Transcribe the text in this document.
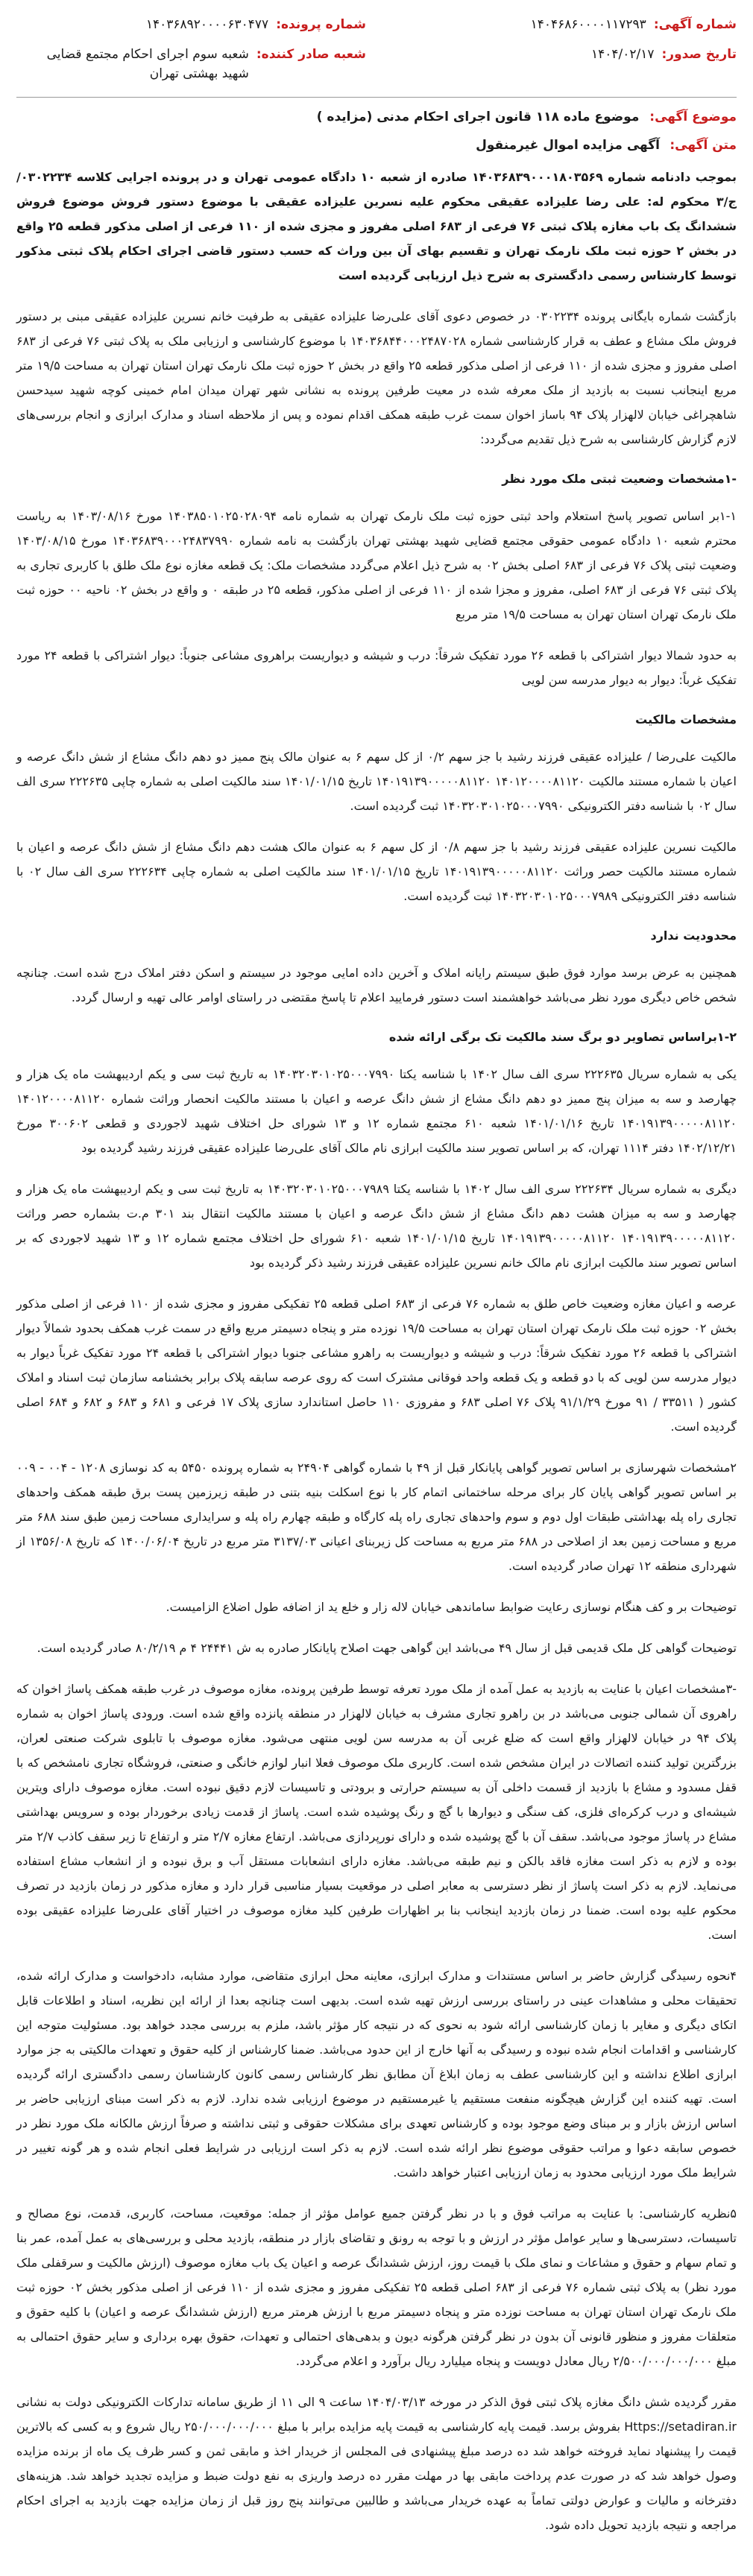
شماره آگهی:
۱۴۰۴۶۸۶۰۰۰۰۱۱۷۲۹۳
شماره پرونده:
۱۴۰۳۶۸۹۲۰۰۰۰۶۳۰۴۷۷
تاریخ صدور:
۱۴۰۴/۰۲/۱۷
شعبه صادر کننده:
شعبه سوم اجرای احکام مجتمع قضایی شهید بهشتی تهران
موضوع آگهی: موضوع ماده ۱۱۸ قانون اجرای احکام مدنی (مزایده )
متن آگهی: آگهی مزایده اموال غیرمنقول

بموجب دادنامه شماره ۱۴۰۳۶۸۳۹۰۰۰۱۸۰۳۵۶۹ صادره از شعبه ۱۰ دادگاه عمومی تهران و در پرونده اجرایی کلاسه ۰۳۰۲۲۳۴/ج/۳ محکوم له: علی رضا علیزاده عقیقی محکوم علیه نسرین علیزاده عقیقی با موضوع دستور فروش موضوع فروش ششدانگ یک باب مغازه پلاک ثبتی ۷۶ فرعی از ۶۸۳ اصلی مفروز و مجزی شده از ۱۱۰ فرعی از اصلی مذکور قطعه ۲۵ واقع در بخش ۲ حوزه ثبت ملک نارمک تهران و تقسیم بهای آن بین وراث که حسب دستور قاضی اجرای احکام پلاک ثبتی مذکور توسط کارشناس رسمی دادگستری به شرح ذیل ارزیابی گردیده است

بازگشت شماره بایگانی پرونده ۰۳۰۲۲۳۴ در خصوص دعوی آقای علی‌رضا علیزاده عقیقی به طرفیت خانم نسرین علیزاده عقیقی مبنی بر دستور فروش ملک مشاع و عطف به قرار کارشناسی شماره ۱۴۰۳۶۸۴۴۰۰۰۲۴۸۷۰۲۸ با موضوع کارشناسی و ارزیابی ملک به پلاک ثبتی ۷۶ فرعی از ۶۸۳ اصلی مفروز و مجزی شده از ۱۱۰ فرعی از اصلی مذکور قطعه ۲۵ واقع در بخش ۲ حوزه ثبت ملک نارمک تهران استان تهران به مساحت ۱۹/۵ متر مربع اینجانب نسبت به بازدید از ملک معرفه شده در معیت طرفین پرونده به نشانی شهر تهران میدان امام خمینی کوچه شهید سیدحسن شاهچراغی خیابان لالهزار پلاک ۹۴ باساز اخوان سمت غرب طبقه همکف اقدام نموده و پس از ملاحظه اسناد و مدارک ابرازی و انجام بررسی‌های لازم گزارش کارشناسی به شرح ذیل تقدیم می‌گردد:

-۱مشخصات وضعیت ثبتی ملک مورد نظر

۱-۱بر اساس تصویر پاسخ استعلام واحد ثبتی حوزه ثبت ملک نارمک تهران به شماره نامه ۱۴۰۳۸۵۰۱۰۲۵۰۲۸۰۹۴ مورخ ۱۴۰۳/۰۸/۱۶ به ریاست محترم شعبه ۱۰ دادگاه عمومی حقوقی مجتمع قضایی شهید بهشتی تهران بازگشت به نامه شماره ۱۴۰۳۶۸۳۹۰۰۰۲۴۸۳۷۹۹۰ مورخ ۱۴۰۳/۰۸/۱۵ وضعیت ثبتی پلاک ۷۶ فرعی از ۶۸۳ اصلی بخش ۰۲ به شرح ذیل اعلام می‌گردد مشخصات ملک: یک قطعه مغازه نوع ملک طلق با کاربری تجاری به پلاک ثبتی ۷۶ فرعی از ۶۸۳ اصلی، مفروز و مجزا شده از ۱۱۰ فرعی از اصلی مذکور، قطعه ۲۵ در طبقه ۰ و واقع در بخش ۰۲ ناحیه ۰۰ حوزه ثبت ملک نارمک تهران استان تهران به مساحت ۱۹/۵ متر مربع

به حدود شمالا دیوار اشتراکی با قطعه ۲۶ مورد تفکیک شرقاً: درب و شیشه و دیواریست براهروی مشاعی جنوباً: دیوار اشتراکی با قطعه ۲۴ مورد تفکیک غرباً: دیوار به دیوار مدرسه سن لویی

مشخصات مالکیت

مالکیت علی‌رضا / علیزاده عقیقی فرزند رشید با جز سهم ۰/۲ از کل سهم ۶ به عنوان مالک پنج ممیز دو دهم دانگ مشاع از شش دانگ عرصه و اعیان با شماره مستند مالکیت ۱۴۰۱۲۰۰۰۰۸۱۱۲۰ ۱۴۰۱۹۱۳۹۰۰۰۰۰۸۱۱۲۰ تاریخ ۱۴۰۱/۰۱/۱۵ سند مالکیت اصلی به شماره چاپی ۲۲۲۶۳۵ سری الف سال ۰۲ با شناسه دفتر الکترونیکی ۱۴۰۳۲۰۳۰۱۰۲۵۰۰۰۷۹۹۰ ثبت گردیده است.

مالکیت نسرین علیزاده عقیقی فرزند رشید با جز سهم ۰/۸ از کل سهم ۶ به عنوان مالک هشت دهم دانگ مشاع از شش دانگ عرصه و اعیان با شماره مستند مالکیت حصر وراثت ۱۴۰۱۹۱۳۹۰۰۰۰۰۸۱۱۲۰ تاریخ ۱۴۰۱/۰۱/۱۵ سند مالکیت اصلی به شماره چاپی ۲۲۲۶۳۴ سری الف سال ۰۲ با شناسه دفتر الکترونیکی ۱۴۰۳۲۰۳۰۱۰۲۵۰۰۰۷۹۸۹ ثبت گردیده است.

محدودیت ندارد

همچنین به عرض برسد موارد فوق طبق سیستم رایانه املاک و آخرین داده امایی موجود در سیستم و اسکن دفتر املاک درج شده است. چنانچه شخص خاص دیگری مورد نظر می‌باشد خواهشمند است دستور فرمایید اعلام تا پاسخ مقتضی در راستای اوامر عالی تهیه و ارسال گردد.

۱-۲براساس تصاویر دو برگ سند مالکیت تک برگی ارائه شده

یکی به شماره سریال ۲۲۲۶۳۵ سری الف سال ۱۴۰۲ با شناسه یکتا ۱۴۰۳۲۰۳۰۱۰۲۵۰۰۰۷۹۹۰ به تاریخ ثبت سی و یکم اردیبهشت ماه یک هزار و چهارصد و سه به میزان پنج ممیز دو دهم دانگ مشاع از شش دانگ عرصه و اعیان با مستند مالکیت انحصار وراثت شماره ۱۴۰۱۲۰۰۰۰۸۱۱۲۰ ۱۴۰۱۹۱۳۹۰۰۰۰۰۸۱۱۲۰ تاریخ ۱۴۰۱/۰۱/۱۶ شعبه ۶۱۰ مجتمع شماره ۱۲ و ۱۳ شورای حل اختلاف شهید لاجوردی و قطعی ۳۰۰۶۰۲ مورخ ۱۴۰۲/۱۲/۲۱ دفتر ۱۱۱۴ تهران، که بر اساس تصویر سند مالکیت ابرازی نام مالک آقای علی‌رضا علیزاده عقیقی فرزند رشید گردیده بود

دیگری به شماره سریال ۲۲۲۶۳۴ سری الف سال ۱۴۰۲ با شناسه یکتا ۱۴۰۳۲۰۳۰۱۰۲۵۰۰۰۷۹۸۹ به تاریخ ثبت سی و یکم اردیبهشت ماه یک هزار و چهارصد و سه به میزان هشت دهم دانگ مشاع از شش دانگ عرصه و اعیان با مستند مالکیت انتقال بند ۳۰۱ م.ت بشماره حصر وراثت ۱۴۰۱۹۱۳۹۰۰۰۰۰۸۱۱۲۰ ۱۴۰۱۹۱۳۹۰۰۰۰۰۸۱۱۲۰ تاریخ ۱۴۰۱/۰۱/۱۵ شعبه ۶۱۰ شورای حل اختلاف مجتمع شماره ۱۲ و ۱۳ شهید لاجوردی که بر اساس تصویر سند مالکیت ابرازی نام مالک خانم نسرین علیزاده عقیقی فرزند رشید ذکر گردیده بود

عرصه و اعیان مغازه وضعیت خاص طلق به شماره ۷۶ فرعی از ۶۸۳ اصلی قطعه ۲۵ تفکیکی مفروز و مجزی شده از ۱۱۰ فرعی از اصلی مذکور بخش ۰۲ حوزه ثبت ملک نارمک تهران استان تهران به مساحت ۱۹/۵ نوزده متر و پنجاه دسیمتر مربع واقع در سمت غرب همکف بحدود شمالاً دیوار اشتراکی با قطعه ۲۶ مورد تفکیک شرقاً: درب و شیشه و دیواریست به راهرو مشاعی جنوبا دیوار اشتراکی با قطعه ۲۴ مورد تفکیک غرباً دیوار به دیوار مدرسه سن لویی که با دو قطعه و یک قطعه واحد فوقانی مشترک است که روی عرصه سابقه پلاک برابر بخشنامه سازمان ثبت اسناد و املاک کشور ( ۳۳۵۱۱ / ۹۱ مورخ ۹۱/۱/۲۹ پلاک ۷۶ اصلی ۶۸۳ و مفروزی ۱۱۰ حاصل استاندارد سازی پلاک ۱۷ فرعی و ۶۸۱ و ۶۸۳ و ۶۸۲ و ۶۸۴ اصلی گردیده است.

۲مشخصات شهرسازی بر اساس تصویر گواهی پایانکار قبل از ۴۹ با شماره گواهی ۲۴۹۰۴ به شماره پرونده ۵۴۵۰ به کد نوسازی ۱۲۰۸ - ۰۰۴ - ۰۰۹ بر اساس تصویر گواهی پایان کار برای مرحله ساختمانی اتمام کار با نوع اسکلت بنیه بتنی در طبقه زیرزمین پست برق طبقه همکف واحدهای تجاری راه پله بهداشتی طبقات اول دوم و سوم واحدهای تجاری راه پله کارگاه و طبقه چهارم راه پله و سرایداری مساحت زمین طبق سند ۶۸۸ متر مربع و مساحت زمین بعد از اصلاحی در ۶۸۸ متر مربع به مساحت کل زیربنای اعیانی ۳۱۳۷/۰۳ متر مربع در تاریخ ۱۴۰۰/۰۶/۰۴ که تاریخ ۱۳۵۶/۰۸ از شهرداری منطقه ۱۲ تهران صادر گردیده است.

توضیحات بر و کف هنگام نوسازی رعایت ضوابط ساماندهی خیابان لاله زار و خلع ید از اضافه طول اضلاع الزامیست.

توضیحات گواهی کل ملک قدیمی قبل از سال ۴۹ می‌باشد این گواهی جهت اصلاح پایانکار صادره به ش ۲۴۴۴۱ ۴ م ۸۰/۲/۱۹ صادر گردیده است.

-۳مشخصات اعیان با عنایت به بازدید به عمل آمده از ملک مورد تعرفه توسط طرفین پرونده، مغازه موصوف در غرب طبقه همکف پاساژ اخوان که راهروی آن شمالی جنوبی می‌باشد در بن راهرو تجاری مشرف به خیابان لالهزار در منطقه پانزده واقع شده است. ورودی پاساژ اخوان به شماره پلاک ۹۴ در خیابان لالهزار واقع است که ضلع غربی آن به مدرسه سن لویی منتهی می‌شود. مغازه موصوف با تابلوی شرکت صنعتی لعران، بزرگترین تولید کننده اتصالات در ایران مشخص شده است. کاربری ملک موصوف فعلا انبار لوازم خانگی و صنعتی، فروشگاه تجاری نامشخص که با قفل مسدود و مشاع با بازدید از قسمت داخلی آن به سیستم حرارتی و برودتی و تاسیسات لازم دقیق نبوده است. مغازه موصوف دارای ویترین شیشه‌ای و درب کرکره‌ای فلزی، کف سنگی و دیوارها با گچ و رنگ پوشیده شده است. پاساژ از قدمت زیادی برخوردار بوده و سرویس بهداشتی مشاع در پاساژ موجود می‌باشد. سقف آن با گچ پوشیده شده و دارای نورپردازی می‌باشد. ارتفاع مغازه ۲/۷ متر و ارتفاع تا زیر سقف کاذب ۲/۷ متر بوده و لازم به ذکر است مغازه فاقد بالکن و نیم طبقه می‌باشد. مغازه دارای انشعابات مستقل آب و برق نبوده و از انشعاب مشاع استفاده می‌نماید. لازم به ذکر است پاساژ از نظر دسترسی به معابر اصلی در موقعیت بسیار مناسبی قرار دارد و مغازه مذکور در زمان بازدید در تصرف محکوم علیه بوده است. ضمنا در زمان بازدید اینجانب بنا بر اظهارات طرفین کلید مغازه موصوف در اختیار آقای علی‌رضا علیزاده عقیقی بوده است.

۴نحوه رسیدگی گزارش حاضر بر اساس مستندات و مدارک ابرازی، معاینه محل ابرازی متقاضی، موارد مشابه، دادخواست و مدارک ارائه شده، تحقیقات محلی و مشاهدات عینی در راستای بررسی ارزش تهیه شده است. بدیهی است چنانچه بعدا از ارائه این نظریه، اسناد و اطلاعات قابل اتکای دیگری و مغایر با زمان کارشناسی ارائه شود به نحوی که در نتیجه کار مؤثر باشد، ملزم به بررسی مجدد خواهد بود. مسئولیت متوجه این کارشناسی و اقدامات انجام شده نبوده و رسیدگی به آنها خارج از این حدود می‌باشد. ضمنا کارشناس از کلیه حقوق و تعهدات مالکیتی به جز موارد ابرازی اطلاع نداشته و این کارشناسی عطف به زمان ابلاغ آن مطابق نظر کارشناس رسمی کانون کارشناسان رسمی دادگستری ارائه گردیده است. تهیه کننده این گزارش هیچگونه منفعت مستقیم یا غیرمستقیم در موضوع ارزیابی شده ندارد. لازم به ذکر است مبنای ارزیابی حاضر بر اساس ارزش بازار و بر مبنای وضع موجود بوده و کارشناس تعهدی برای مشکلات حقوقی و ثبتی نداشته و صرفاً ارزش مالکانه ملک مورد نظر در خصوص سابقه دعوا و مراتب حقوقی موضوع نظر ارائه شده است. لازم به ذکر است ارزیابی در شرایط فعلی انجام شده و هر گونه تغییر در شرایط ملک مورد ارزیابی محدود به زمان ارزیابی اعتبار خواهد داشت.

۵نظریه کارشناسی: با عنایت به مراتب فوق و با در نظر گرفتن جميع عوامل مؤثر از جمله: موقعیت، مساحت، کاربری، قدمت، نوع مصالح و تاسیسات، دسترسی‌ها و سایر عوامل مؤثر در ارزش و با توجه به رونق و تقاضای بازار در منطقه، بازدید محلی و بررسی‌های به عمل آمده، عمر بنا و تمام سهام و حقوق و مشاعات و نمای ملک با قیمت روز، ارزش ششدانگ عرصه و اعیان یک باب مغازه موصوف (ارزش مالکیت و سرقفلی ملک مورد نظر) به پلاک ثبتی شماره ۷۶ فرعی از ۶۸۳ اصلی قطعه ۲۵ تفکیکی مفروز و مجزی شده از ۱۱۰ فرعی از اصلی مذکور بخش ۰۲ حوزه ثبت ملک نارمک تهران استان تهران به مساحت نوزده متر و پنجاه دسیمتر مربع با ارزش هرمتر مربع (ارزش ششدانگ عرصه و اعیان) با کلیه حقوق و متعلقات مفروز و منظور قانونی آن بدون در نظر گرفتن هرگونه دیون و بدهی‌های احتمالی و تعهدات، حقوق بهره برداری و سایر حقوق احتمالی به مبلغ ۲/۵۰۰/۰۰۰/۰۰۰/۰۰۰ ریال معادل دویست و پنجاه میلیارد ریال برآورد و اعلام می‌گردد.

مقرر گردیده شش دانگ مغازه پلاک ثبتی فوق الذکر در مورخه ۱۴۰۴/۰۳/۱۳ ساعت ۹ الی ۱۱ از طریق سامانه تدارکات الکترونیکی دولت به نشانی Https://setadiran.ir بفروش برسد. قیمت پایه کارشناسی به قیمت پایه مزایده برابر با مبلغ ۲۵۰/۰۰۰/۰۰۰/۰۰۰ ریال شروع و به کسی که بالاترین قیمت را پیشنهاد نماید فروخته خواهد شد ده درصد مبلغ پیشنهادی فی المجلس از خریدار اخذ و مابقی ثمن و کسر ظرف یک ماه از برنده مزایده وصول خواهد شد که در صورت عدم پرداخت مابقی بها در مهلت مقرر ده درصد واریزی به نفع دولت ضبط و مزایده تجدید خواهد شد. هزینه‌های دفترخانه و مالیات و عوارض دولتی تماماً به عهده خریدار می‌باشد و طالبین می‌توانند پنج روز قبل از زمان مزایده جهت بازدید به اجرای احکام مراجعه و نتیجه بازدید تحویل داده شود.
